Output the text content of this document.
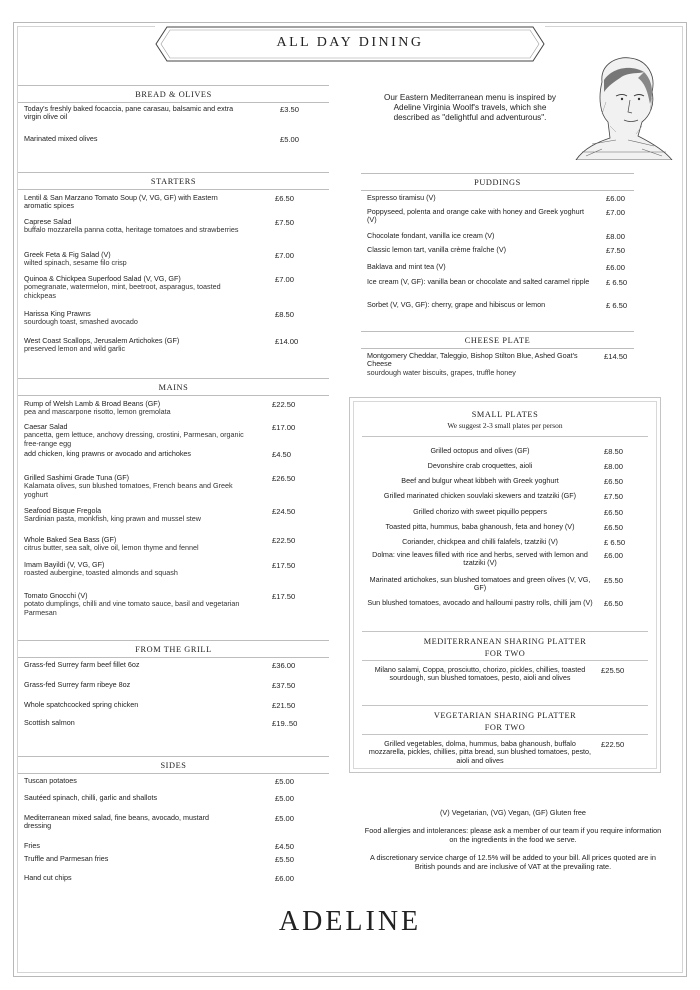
ALL DAY DINING
Our Eastern Mediterranean menu is inspired by Adeline Virginia Woolf's travels, which she described as "delightful and adventurous".
BREAD & OLIVES
Today's freshly baked focaccia, pane carasau, balsamic and extra virgin olive oil
£3.50
Marinated mixed olives	£5.00
STARTERS
Lentil & San Marzano Tomato Soup (V, VG, GF) with Eastern aromatic spices
£6.50
Caprese Salad
buffalo mozzarella panna cotta, heritage tomatoes and strawberries
£7.50
Greek Feta & Fig Salad (V)
wilted spinach, sesame filo crisp
£7.00
Quinoa & Chickpea Superfood Salad (V, VG, GF)
pomegranate, watermelon, mint, beetroot, asparagus, toasted chickpeas
£7.00
Harissa King Prawns
sourdough toast, smashed avocado
£8.50
West Coast Scallops, Jerusalem Artichokes (GF)
preserved lemon and wild garlic
£14.00
MAINS
Rump of Welsh Lamb & Broad Beans (GF)
pea and mascarpone risotto, lemon gremolata
£22.50
Caesar Salad
pancetta, gem lettuce, anchovy dressing, crostini, Parmesan, organic free-range egg
£17.00
add chicken, king prawns or avocado and artichokes	£4.50
Grilled Sashimi Grade Tuna (GF)
Kalamata olives, sun blushed tomatoes, French beans and Greek yoghurt
£26.50
Seafood Bisque Fregola
Sardinian pasta, monkfish, king prawn and mussel stew
£24.50
Whole Baked Sea Bass (GF)
citrus butter, sea salt, olive oil, lemon thyme and fennel
£22.50
Imam Bayildi (V, VG, GF)
roasted aubergine, toasted almonds and squash
£17.50
Tomato Gnocchi (V)
potato dumplings, chilli and vine tomato sauce, basil and vegetarian Parmesan
£17.50
FROM THE GRILL
Grass-fed Surrey farm beef fillet 6oz	£36.00
Grass-fed Surrey farm ribeye 8oz	£37.50
Whole spatchcocked spring chicken	£21.50
Scottish salmon	£19..50
SIDES
Tuscan potatoes	£5.00
Sautéed spinach, chilli, garlic and shallots	£5.00
Mediterranean mixed salad, fine beans, avocado, mustard dressing
£5.00
Fries	£4.50
Truffle and Parmesan fries	£5.50
Hand cut chips	£6.00
PUDDINGS
Espresso tiramisu (V)	£6.00
Poppyseed, polenta and orange cake with honey and Greek yoghurt (V)
£7.00
Chocolate fondant, vanilla ice cream (V)	£8.00
Classic lemon tart, vanilla crème fraîche (V)	£7.50
Baklava and mint tea (V)	£6.00
Ice cream (V, GF): vanilla bean or chocolate and salted caramel ripple	£ 6.50
Sorbet (V, VG, GF): cherry, grape and hibiscus or lemon	£ 6.50
CHEESE PLATE
Montgomery Cheddar, Taleggio, Bishop Stilton Blue, Ashed Goat's Cheese
sourdough water biscuits, grapes, truffle honey
£14.50
SMALL PLATES
We suggest 2-3 small plates per person
Grilled octopus and olives (GF)	£8.50
Devonshire crab croquettes, aioli	£8.00
Beef and bulgur wheat kibbeh with Greek yoghurt	£6.50
Grilled marinated chicken souvlaki skewers and tzatziki (GF)	£7.50
Grilled chorizo with sweet piquillo peppers	£6.50
Toasted pitta, hummus, baba ghanoush, feta and honey (V)	£6.50
Coriander, chickpea and chilli falafels, tzatziki (V)	£ 6.50
Dolma: vine leaves filled with rice and herbs, served with lemon and tzatziki (V)
£6.00
Marinated artichokes, sun blushed tomatoes and green olives (V, VG, GF)
£5.50
Sun blushed tomatoes, avocado and halloumi pastry rolls, chilli jam (V) £6.50
MEDITERRANEAN SHARING PLATTER
FOR TWO
Milano salami, Coppa, prosciutto, chorizo, pickles, chillies, toasted sourdough, sun blushed tomatoes, pesto, aioli and olives
£25.50
VEGETARIAN SHARING PLATTER
FOR TWO
Grilled vegetables, dolma, hummus, baba ghanoush, buffalo mozzarella, pickles, chillies, pitta bread, sun blushed tomatoes, pesto, aioli and olives
£22.50
(V) Vegetarian, (VG) Vegan, (GF) Gluten free
Food allergies and intolerances: please ask a member of our team if you require information on the ingredients in the food we serve.
A discretionary service charge of 12.5% will be added to your bill. All prices quoted are in British pounds and are inclusive of VAT at the prevailing rate.
ADELINE
